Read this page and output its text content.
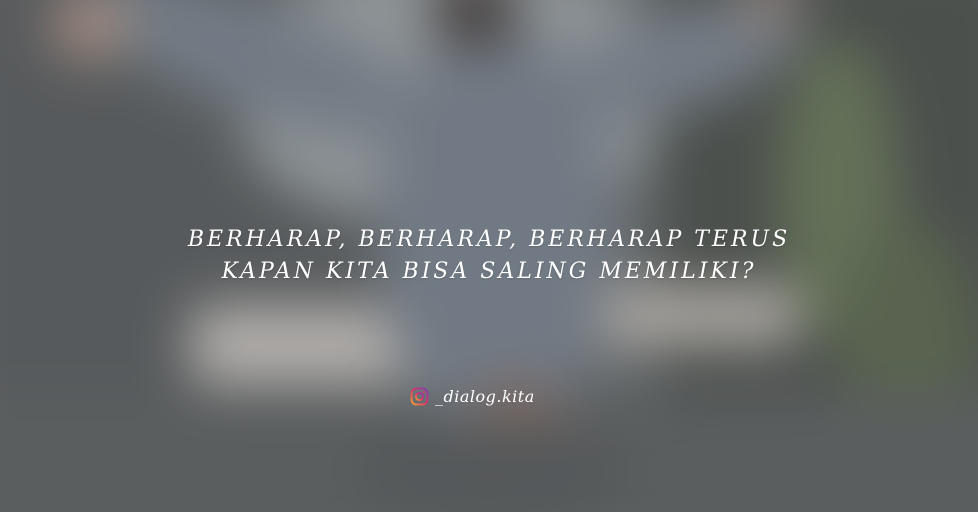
BERHARAP, BERHARAP, BERHARAP TERUS
KAPAN KITA BISA SALING MEMILIKI?
_dialog.kita
